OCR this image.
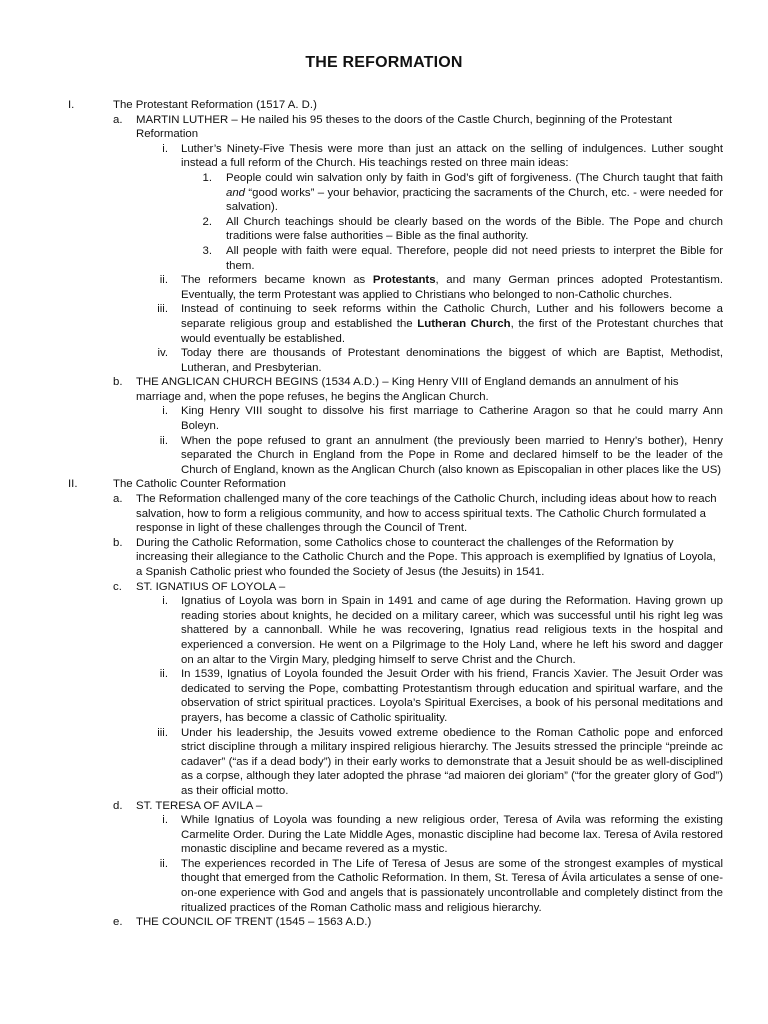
THE REFORMATION
I.	The Protestant Reformation (1517 A. D.)
a. MARTIN LUTHER – He nailed his 95 theses to the doors of the Castle Church, beginning of the Protestant Reformation
i. Luther’s Ninety-Five Thesis were more than just an attack on the selling of indulgences. Luther sought instead a full reform of the Church. His teachings rested on three main ideas:
1. People could win salvation only by faith in God’s gift of forgiveness. (The Church taught that faith and “good works” – your behavior, practicing the sacraments of the Church, etc. - were needed for salvation).
2. All Church teachings should be clearly based on the words of the Bible. The Pope and church traditions were false authorities – Bible as the final authority.
3. All people with faith were equal. Therefore, people did not need priests to interpret the Bible for them.
ii. The reformers became known as Protestants, and many German princes adopted Protestantism. Eventually, the term Protestant was applied to Christians who belonged to non-Catholic churches.
iii. Instead of continuing to seek reforms within the Catholic Church, Luther and his followers become a separate religious group and established the Lutheran Church, the first of the Protestant churches that would eventually be established.
iv. Today there are thousands of Protestant denominations the biggest of which are Baptist, Methodist, Lutheran, and Presbyterian.
b. THE ANGLICAN CHURCH BEGINS (1534 A.D.) – King Henry VIII of England demands an annulment of his marriage and, when the pope refuses, he begins the Anglican Church.
i. King Henry VIII sought to dissolve his first marriage to Catherine Aragon so that he could marry Ann Boleyn.
ii. When the pope refused to grant an annulment (the previously been married to Henry’s bother), Henry separated the Church in England from the Pope in Rome and declared himself to be the leader of the Church of England, known as the Anglican Church (also known as Episcopalian in other places like the US)
II.	The Catholic Counter Reformation
a. The Reformation challenged many of the core teachings of the Catholic Church, including ideas about how to reach salvation, how to form a religious community, and how to access spiritual texts. The Catholic Church formulated a response in light of these challenges through the Council of Trent.
b. During the Catholic Reformation, some Catholics chose to counteract the challenges of the Reformation by increasing their allegiance to the Catholic Church and the Pope. This approach is exemplified by Ignatius of Loyola, a Spanish Catholic priest who founded the Society of Jesus (the Jesuits) in 1541.
c. ST. IGNATIUS OF LOYOLA –
i. Ignatius of Loyola was born in Spain in 1491 and came of age during the Reformation. Having grown up reading stories about knights, he decided on a military career, which was successful until his right leg was shattered by a cannonball. While he was recovering, Ignatius read religious texts in the hospital and experienced a conversion. He went on a Pilgrimage to the Holy Land, where he left his sword and dagger on an altar to the Virgin Mary, pledging himself to serve Christ and the Church.
ii. In 1539, Ignatius of Loyola founded the Jesuit Order with his friend, Francis Xavier. The Jesuit Order was dedicated to serving the Pope, combatting Protestantism through education and spiritual warfare, and the observation of strict spiritual practices. Loyola’s Spiritual Exercises, a book of his personal meditations and prayers, has become a classic of Catholic spirituality.
iii. Under his leadership, the Jesuits vowed extreme obedience to the Roman Catholic pope and enforced strict discipline through a military inspired religious hierarchy. The Jesuits stressed the principle “preinde ac cadaver” (“as if a dead body”) in their early works to demonstrate that a Jesuit should be as well-disciplined as a corpse, although they later adopted the phrase “ad maioren dei gloriam” (“for the greater glory of God”) as their official motto.
d. ST. TERESA OF AVILA –
i. While Ignatius of Loyola was founding a new religious order, Teresa of Avila was reforming the existing Carmelite Order. During the Late Middle Ages, monastic discipline had become lax. Teresa of Avila restored monastic discipline and became revered as a mystic.
ii. The experiences recorded in The Life of Teresa of Jesus are some of the strongest examples of mystical thought that emerged from the Catholic Reformation. In them, St. Teresa of Ávila articulates a sense of one-on-one experience with God and angels that is passionately uncontrollable and completely distinct from the ritualized practices of the Roman Catholic mass and religious hierarchy.
e. THE COUNCIL OF TRENT (1545 – 1563 A.D.)
